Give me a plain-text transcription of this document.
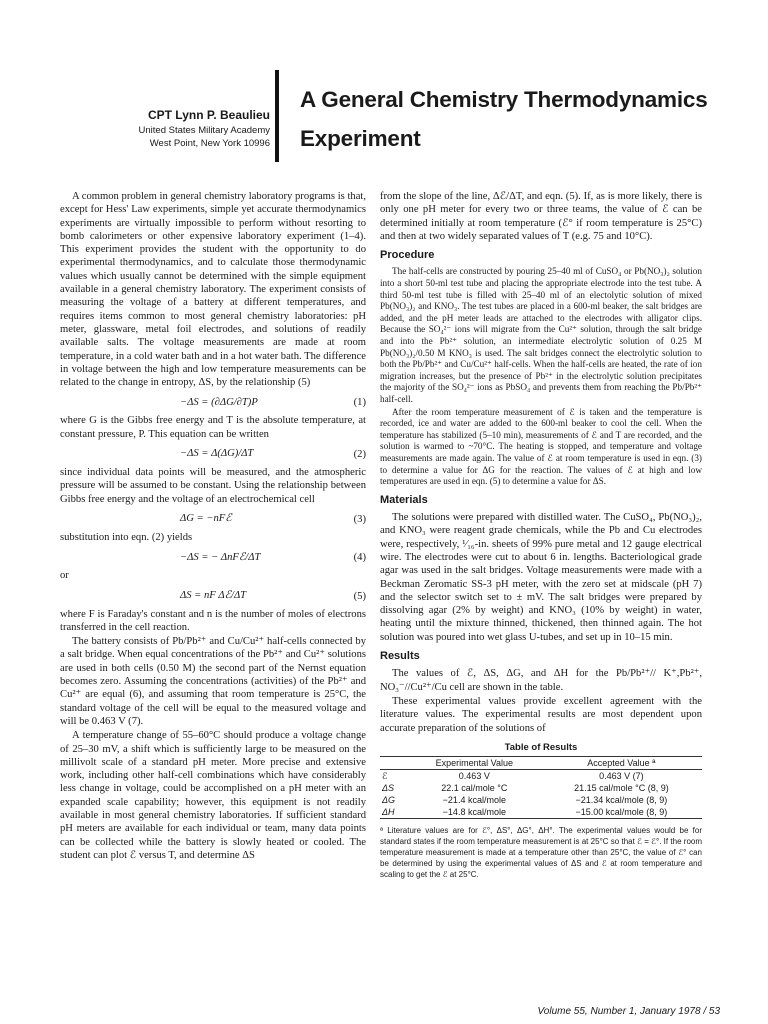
CPT Lynn P. Beaulieu
United States Military Academy
West Point, New York 10996
A General Chemistry Thermodynamics
Experiment

A common problem in general chemistry laboratory programs is that, except for Hess' Law experiments, simple yet accurate thermodynamics experiments are virtually impossible to perform without resorting to bomb calorimeters or other expensive laboratory experiment (1–4). This experiment provides the student with the opportunity to do experimental thermodynamics, and to calculate those thermodynamic values which usually cannot be determined with the simple equipment available in a general chemistry laboratory. The experiment consists of measuring the voltage of a battery at different temperatures, and requires items common to most general chemistry laboratories: pH meter, glassware, metal foil electrodes, and solutions of readily available salts. The voltage measurements are made at room temperature, in a cold water bath and in a hot water bath. The difference in voltage between the high and low temperature measurements can be related to the change in entropy, ΔS, by the relationship (5)

−ΔS = (∂ΔG/∂T)P	(1)

where G is the Gibbs free energy and T is the absolute temperature, at constant pressure, P. This equation can be written

−ΔS = Δ(ΔG)/ΔT	(2)

since individual data points will be measured, and the atmospheric pressure will be assumed to be constant. Using the relationship between Gibbs free energy and the voltage of an electrochemical cell

ΔG = −nFℰ	(3)

substitution into eqn. (2) yields

−ΔS = − ΔnFℰ/ΔT	(4)

or

ΔS = nF Δℰ/ΔT	(5)

where F is Faraday's constant and n is the number of moles of electrons transferred in the cell reaction.

The battery consists of Pb/Pb²⁺ and Cu/Cu²⁺ half-cells connected by a salt bridge. When equal concentrations of the Pb²⁺ and Cu²⁺ solutions are used in both cells (0.50 M) the second part of the Nernst equation becomes zero. Assuming the concentrations (activities) of the Pb²⁺ and Cu²⁺ are equal (6), and assuming that room temperature is 25°C, the standard voltage of the cell will be equal to the measured voltage and will be 0.463 V (7).

A temperature change of 55–60°C should produce a voltage change of 25–30 mV, a shift which is sufficiently large to be measured on the millivolt scale of a standard pH meter. More precise and extensive work, including other half-cell combinations which have considerably less change in voltage, could be accomplished on a pH meter with an expanded scale capability; however, this equipment is not readily available in most general chemistry laboratories. If sufficient standard pH meters are available for each individual or team, many data points can be collected while the battery is slowly heated or cooled. The student can plot ℰ versus T, and determine ΔS

from the slope of the line, Δℰ/ΔT, and eqn. (5). If, as is more likely, there is only one pH meter for every two or three teams, the value of ℰ can be determined initially at room temperature (ℰ° if room temperature is 25°C) and then at two widely separated values of T (e.g. 75 and 10°C).

Procedure

The half-cells are constructed by pouring 25–40 ml of CuSO₄ or Pb(NO₃)₂ solution into a short 50-ml test tube and placing the appropriate electrode into the test tube. A third 50-ml test tube is filled with 25–40 ml of an electolytic solution of mixed Pb(NO₃)₂ and KNO₃. The test tubes are placed in a 600-ml beaker, the salt bridges are added, and the pH meter leads are attached to the electrodes with alligator clips. Because the SO₄²⁻ ions will migrate from the Cu²⁺ solution, through the salt bridge and into the Pb²⁺ solution, an intermediate electrolytic solution of 0.25 M Pb(NO₃)₂/0.50 M KNO₃ is used. The salt bridges connect the electrolytic solution to both the Pb/Pb²⁺ and Cu/Cu²⁺ half-cells. When the half-cells are heated, the rate of ion migration increases, but the presence of Pb²⁺ in the electrolytic solution precipitates the majority of the SO₄²⁻ ions as PbSO₄ and prevents them from reaching the Pb/Pb²⁺ half-cell.

After the room temperature measurement of ℰ is taken and the temperature is recorded, ice and water are added to the 600-ml beaker to cool the cell. When the temperature has stabilized (5–10 min), measurements of ℰ and T are recorded, and the solution is warmed to ~70°C. The heating is stopped, and temperature and voltage measurements are made again. The value of ℰ at room temperature is used in eqn. (3) to determine a value for ΔG for the reaction. The values of ℰ at high and low temperatures are used in eqn. (5) to determine a value for ΔS.

Materials

The solutions were prepared with distilled water. The CuSO₄, Pb(NO₃)₂, and KNO₃ were reagent grade chemicals, while the Pb and Cu electrodes were, respectively, ¹⁄₁₆-in. sheets of 99% pure metal and 12 gauge electrical wire. The electrodes were cut to about 6 in. lengths. Bacteriological grade agar was used in the salt bridges. Voltage measurements were made with a Beckman Zeromatic SS-3 pH meter, with the zero set at midscale (pH 7) and the selector switch set to ± mV. The salt bridges were prepared by dissolving agar (2% by weight) and KNO₃ (10% by weight) in water, heating until the mixture thinned, thickened, then thinned again. The hot solution was poured into wet glass U-tubes, and set up in 10–15 min.

Results

The values of ℰ, ΔS, ΔG, and ΔH for the Pb/Pb²⁺// K⁺,Pb²⁺, NO₃⁻//Cu²⁺/Cu cell are shown in the table.

These experimental values provide excellent agreement with the literature values. The experimental results are most dependent upon accurate preparation of the solutions of

Table of Results
	Experimental Value	Accepted Value ª
ℰ	0.463 V	0.463 V (7)
ΔS	22.1 cal/mole °C	21.15 cal/mole °C (8, 9)
ΔG	−21.4 kcal/mole	−21.34 kcal/mole (8, 9)
ΔH	−14.8 kcal/mole	−15.00 kcal/mole (8, 9)
ª Literature values are for ℰ°, ΔS°, ΔG°, ΔH°. The experimental values would be for standard states if the room temperature measurement is at 25°C so that ℰ = ℰ°. If the room temperature measurement is made at a temperature other than 25°C, the value of ℰ° can be determined by using the experimental values of ΔS and ℰ at room temperature and scaling to get the ℰ at 25°C.
Volume 55, Number 1, January 1978 / 53
